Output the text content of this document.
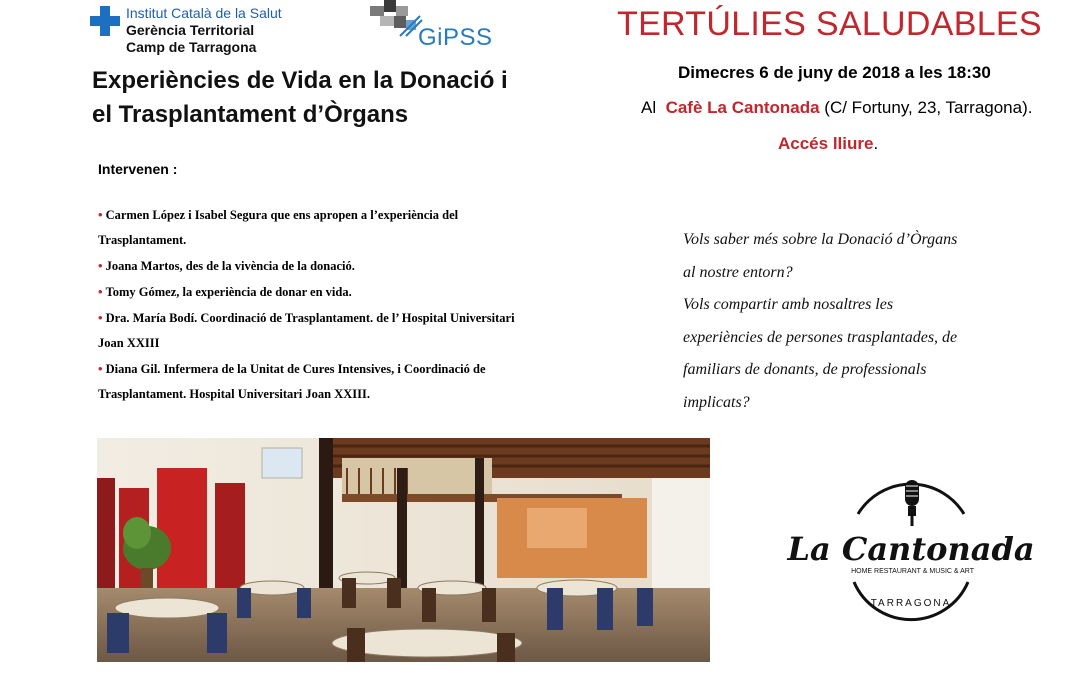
Institut Català de la Salut
Gerència Territorial
Camp de Tarragona	GiPSS	TERTÚLIES SALUDABLES
Experiències de Vida en la Donació i
el Trasplantament d’Òrgans
Dimecres 6 de juny de 2018 a les 18:30
Al Cafè La Cantonada (C/ Fortuny, 23, Tarragona).
Accés lliure.
Intervenen :
• Carmen López i Isabel Segura que ens apropen a l’experiència del
Trasplantament.
• Joana Martos, des de la vivència de la donació.
• Tomy Gómez, la experiència de donar en vida.
• Dra. María Bodí. Coordinació de Trasplantament. de l’ Hospital Universitari
Joan XXIII
• Diana Gil. Infermera de la Unitat de Cures Intensives, i Coordinació de
Trasplantament. Hospital Universitari Joan XXIII.
Vols saber més sobre la Donació d’Òrgans
al nostre entorn?
Vols compartir amb nosaltres les
experiències de persones trasplantades, de
familiars de donants, de professionals
implicats?
La Cantonada
HOME RESTAURANT & MUSIC & ART
TARRAGONA
